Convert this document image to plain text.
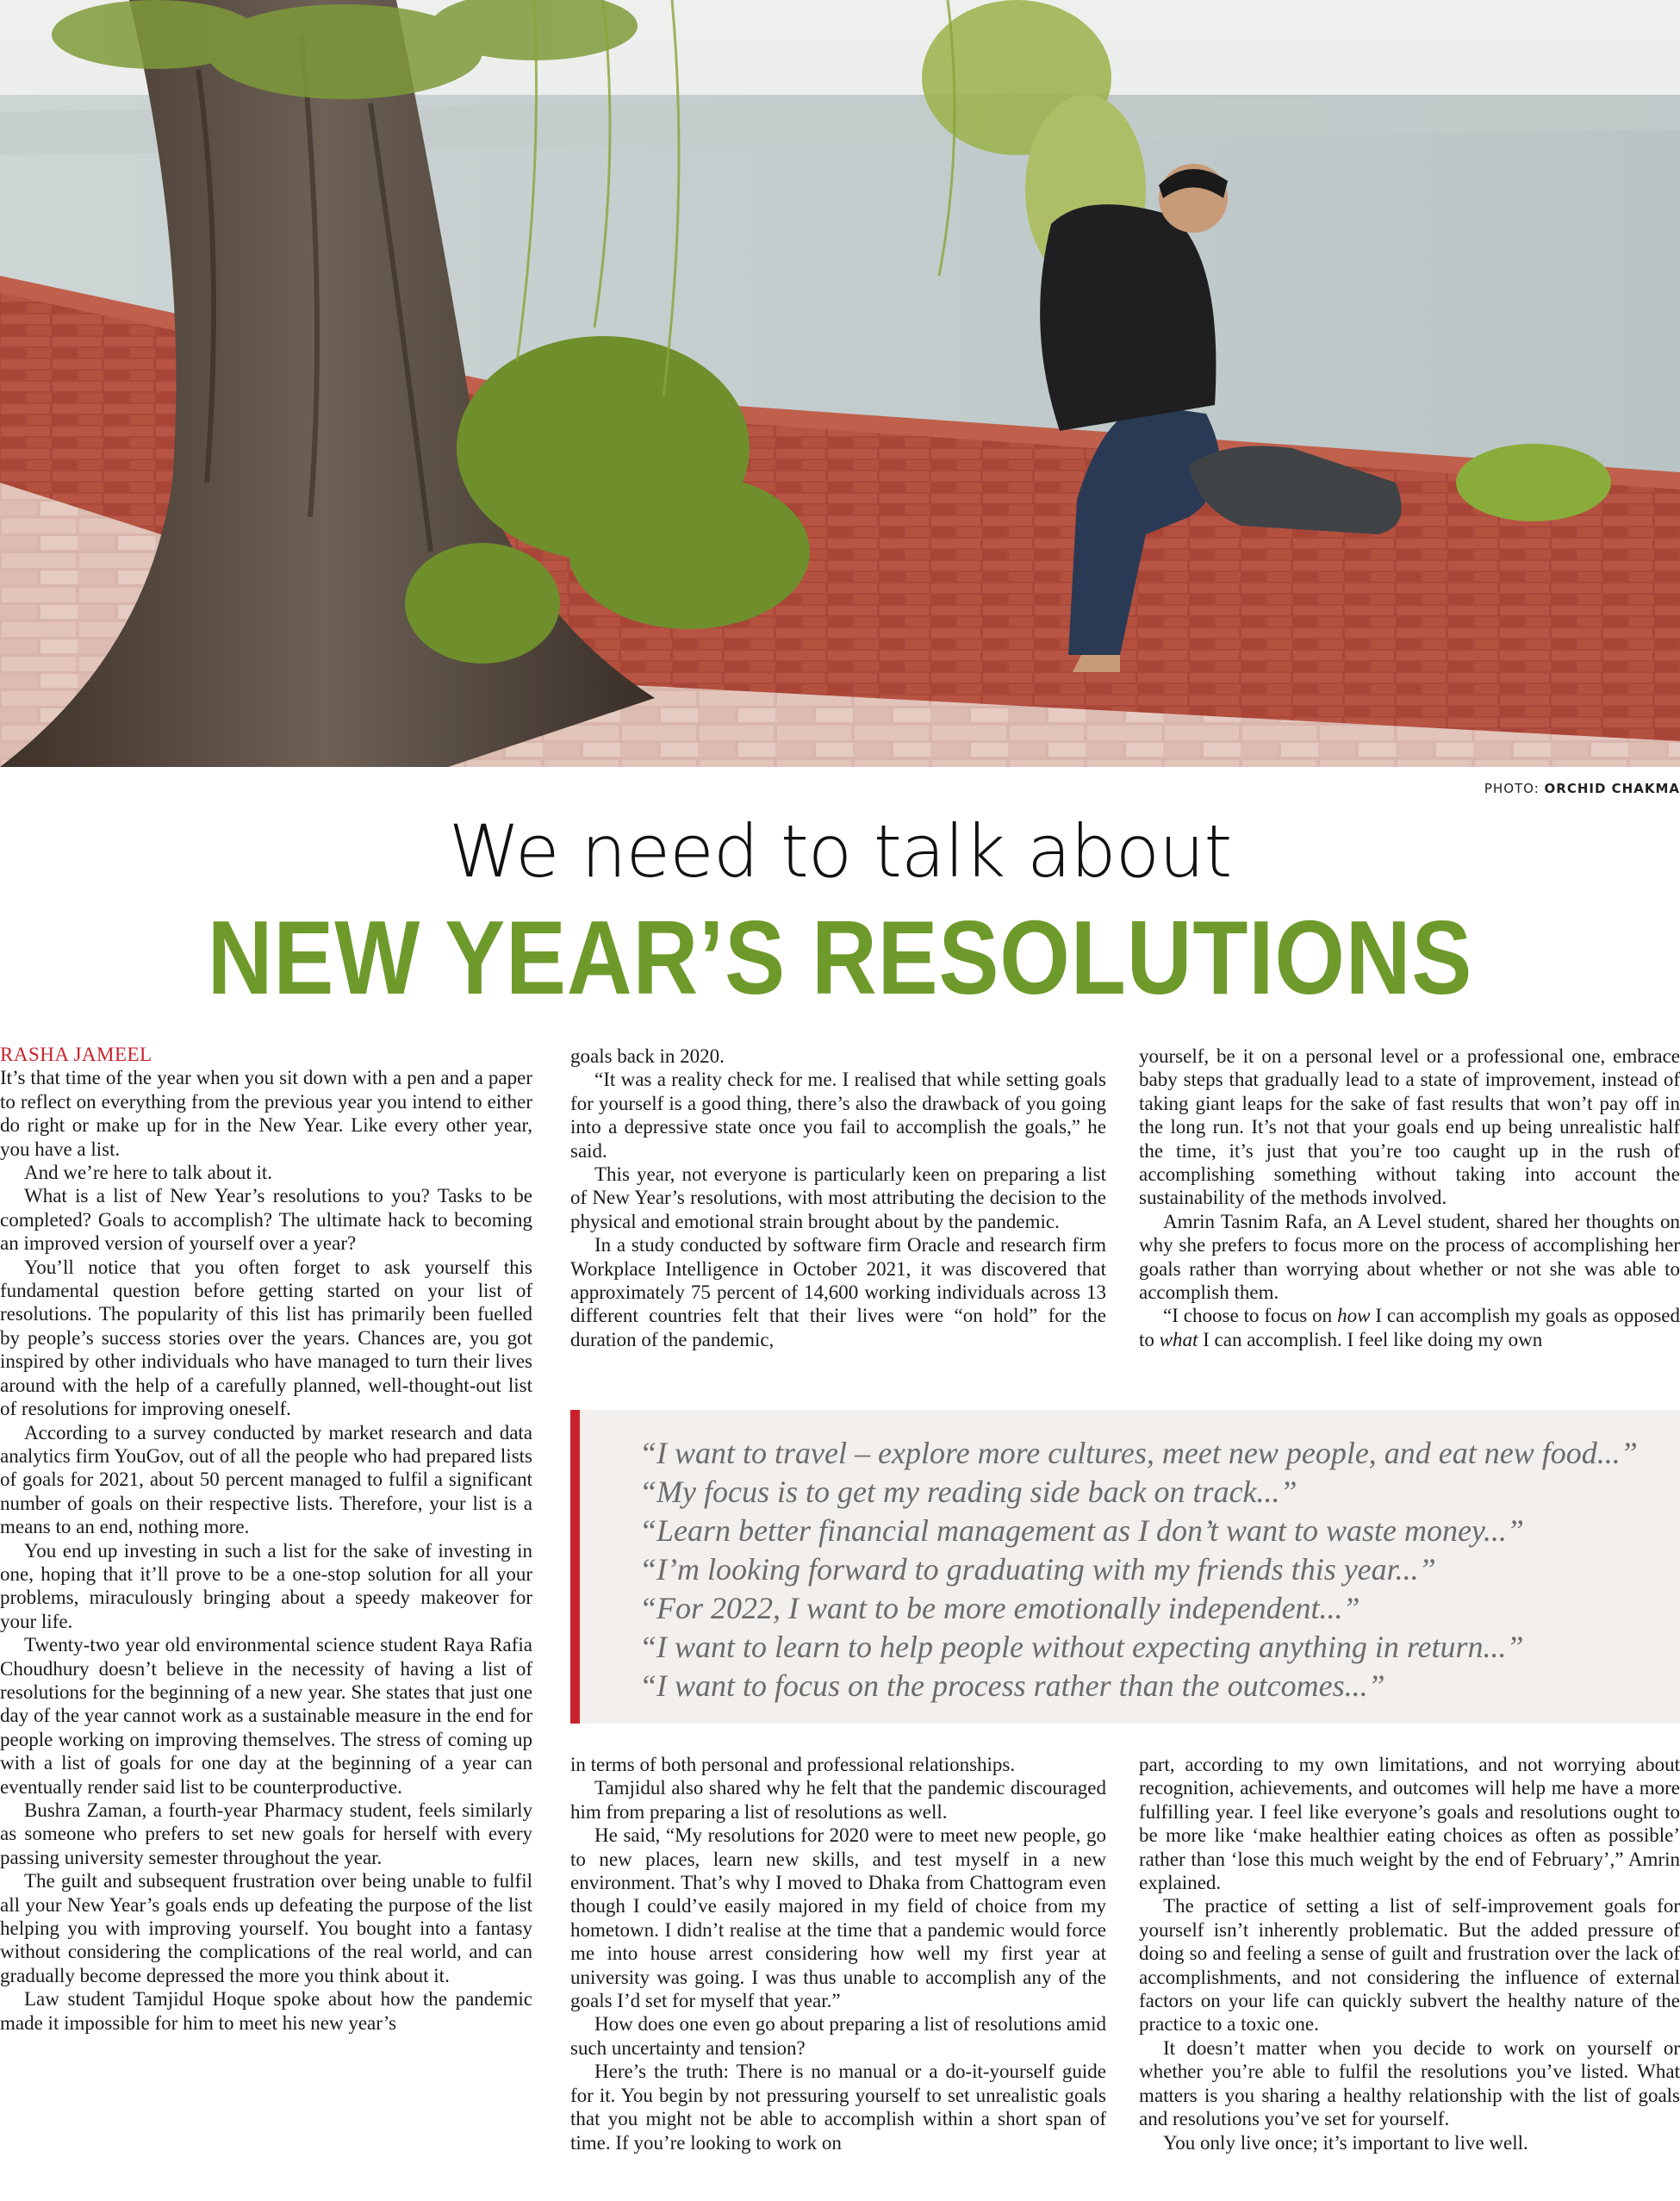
PHOTO: ORCHID CHAKMA
We need to talk about
NEW YEAR’S RESOLUTIONS

RASHA JAMEEL

It’s that time of the year when you sit down with a pen and a paper to reflect on everything from the previous year you intend to either do right or make up for in the New Year. Like every other year, you have a list.

And we’re here to talk about it.

What is a list of New Year’s resolutions to you? Tasks to be completed? Goals to accomplish? The ultimate hack to becoming an improved version of yourself over a year?

You’ll notice that you often forget to ask yourself this fundamental question before getting started on your list of resolutions. The popularity of this list has primarily been fuelled by people’s success stories over the years. Chances are, you got inspired by other individuals who have managed to turn their lives around with the help of a carefully planned, well-thought-out list of resolutions for improving oneself.

According to a survey conducted by market research and data analytics firm YouGov, out of all the people who had prepared lists of goals for 2021, about 50 percent managed to fulfil a significant number of goals on their respective lists. Therefore, your list is a means to an end, nothing more.

You end up investing in such a list for the sake of investing in one, hoping that it’ll prove to be a one-stop solution for all your problems, miraculously bringing about a speedy makeover for your life.

Twenty-two year old environmental science student Raya Rafia Choudhury doesn’t believe in the necessity of having a list of resolutions for the beginning of a new year. She states that just one day of the year cannot work as a sustainable measure in the end for people working on improving themselves. The stress of coming up with a list of goals for one day at the beginning of a year can eventually render said list to be counterproductive.

Bushra Zaman, a fourth-year Pharmacy student, feels similarly as someone who prefers to set new goals for herself with every passing university semester throughout the year.

The guilt and subsequent frustration over being unable to fulfil all your New Year’s goals ends up defeating the purpose of the list helping you with improving yourself. You bought into a fantasy without considering the complications of the real world, and can gradually become depressed the more you think about it.

Law student Tamjidul Hoque spoke about how the pandemic made it impossible for him to meet his new year’s

goals back in 2020.

“It was a reality check for me. I realised that while setting goals for yourself is a good thing, there’s also the drawback of you going into a depressive state once you fail to accomplish the goals,” he said.

This year, not everyone is particularly keen on preparing a list of New Year’s resolutions, with most attributing the decision to the physical and emotional strain brought about by the pandemic.

In a study conducted by software firm Oracle and research firm Workplace Intelligence in October 2021, it was discovered that approximately 75 percent of 14,600 working individuals across 13 different countries felt that their lives were “on hold” for the duration of the pandemic,

yourself, be it on a personal level or a professional one, embrace baby steps that gradually lead to a state of improvement, instead of taking giant leaps for the sake of fast results that won’t pay off in the long run. It’s not that your goals end up being unrealistic half the time, it’s just that you’re too caught up in the rush of accomplishing something without taking into account the sustainability of the methods involved.

Amrin Tasnim Rafa, an A Level student, shared her thoughts on why she prefers to focus more on the process of accomplishing her goals rather than worrying about whether or not she was able to accomplish them.

“I choose to focus on how I can accomplish my goals as opposed to what I can accomplish. I feel like doing my own

“I want to travel – explore more cultures, meet new people, and eat new food...”
“My focus is to get my reading side back on track...”
“Learn better financial management as I don’t want to waste money...”
“I’m looking forward to graduating with my friends this year...”
“For 2022, I want to be more emotionally independent...”
“I want to learn to help people without expecting anything in return...”
“I want to focus on the process rather than the outcomes...”

in terms of both personal and professional relationships.

Tamjidul also shared why he felt that the pandemic discouraged him from preparing a list of resolutions as well.

He said, “My resolutions for 2020 were to meet new people, go to new places, learn new skills, and test myself in a new environment. That’s why I moved to Dhaka from Chattogram even though I could’ve easily majored in my field of choice from my hometown. I didn’t realise at the time that a pandemic would force me into house arrest considering how well my first year at university was going. I was thus unable to accomplish any of the goals I’d set for myself that year.”

How does one even go about preparing a list of resolutions amid such uncertainty and tension?

Here’s the truth: There is no manual or a do-it-yourself guide for it. You begin by not pressuring yourself to set unrealistic goals that you might not be able to accomplish within a short span of time. If you’re looking to work on

part, according to my own limitations, and not worrying about recognition, achievements, and outcomes will help me have a more fulfilling year. I feel like everyone’s goals and resolutions ought to be more like ‘make healthier eating choices as often as possible’ rather than ‘lose this much weight by the end of February’,” Amrin explained.

The practice of setting a list of self-improvement goals for yourself isn’t inherently problematic. But the added pressure of doing so and feeling a sense of guilt and frustration over the lack of accomplishments, and not considering the influence of external factors on your life can quickly subvert the healthy nature of the practice to a toxic one.

It doesn’t matter when you decide to work on yourself or whether you’re able to fulfil the resolutions you’ve listed. What matters is you sharing a healthy relationship with the list of goals and resolutions you’ve set for yourself.

You only live once; it’s important to live well.
